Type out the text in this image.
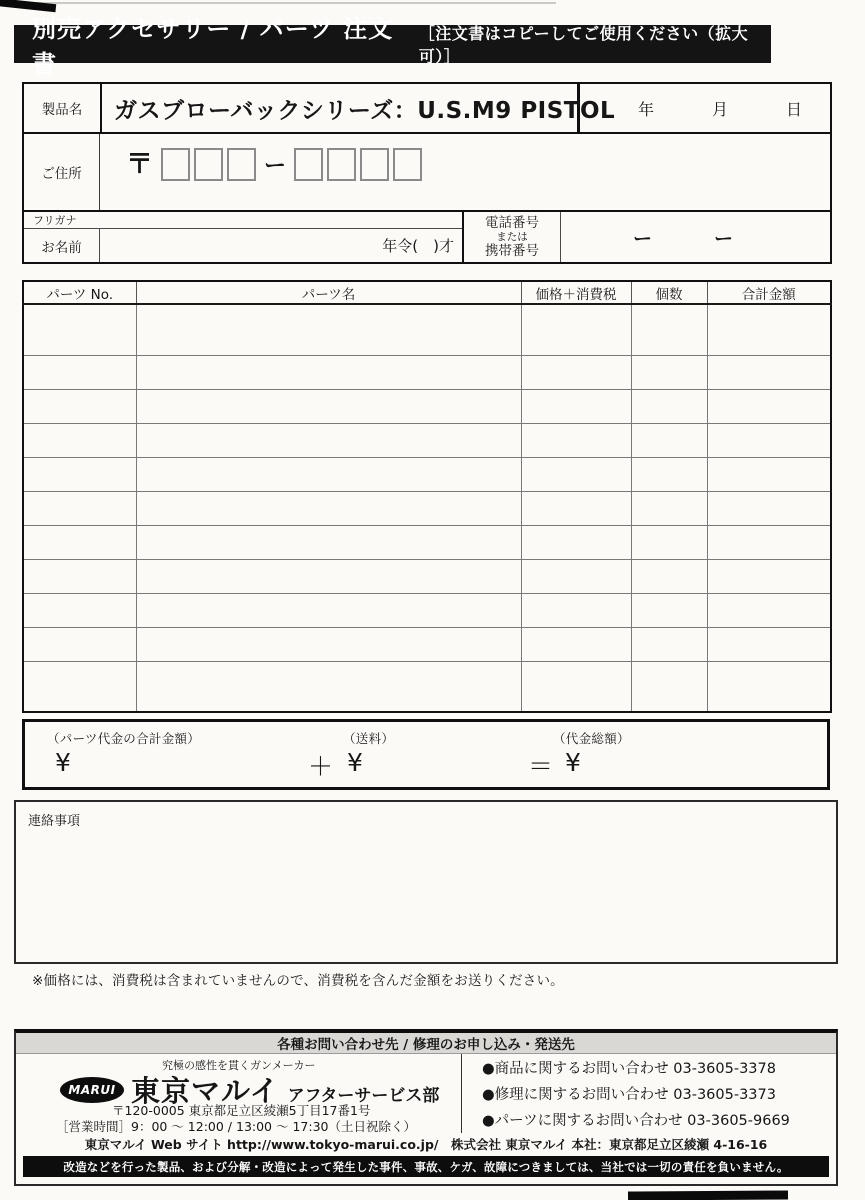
別売アクセサリー / パーツ 注文書
［注文書はコピーしてご使用ください（拡大可）］
製品名	ガスブローバックシリーズ：U.S.M9 PISTOL 年	月	日
ご住所	〒	ー
フリガナ
お名前	年令(　)才
電話番号
または
携帯番号
ー	ー
パーツ No.	パーツ名	価格＋消費税	個数	合計金額

（パーツ代金の合計金額）
¥	＋
（送料）
¥	＝
（代金総額）
¥
連絡事項
※価格には、消費税は含まれていませんので、消費税を含んだ金額をお送りください。
各種お問い合わせ先 / 修理のお申し込み・発送先
究極の感性を貫くガンメーカー
MARUI 東京マルイ アフターサービス部
〒120-0005 東京都足立区綾瀬5丁目17番1号
［営業時間］9：00 ～ 12:00 / 13:00 ～ 17:30（土日祝除く）
●商品に関するお問い合わせ 03-3605-3378
●修理に関するお問い合わせ 03-3605-3373
●パーツに関するお問い合わせ 03-3605-9669
東京マルイ Web サイト http://www.tokyo-marui.co.jp/　株式会社 東京マルイ 本社：東京都足立区綾瀬 4-16-16
改造などを行った製品、および分解・改造によって発生した事件、事故、ケガ、故障につきましては、当社では一切の責任を負いません。
